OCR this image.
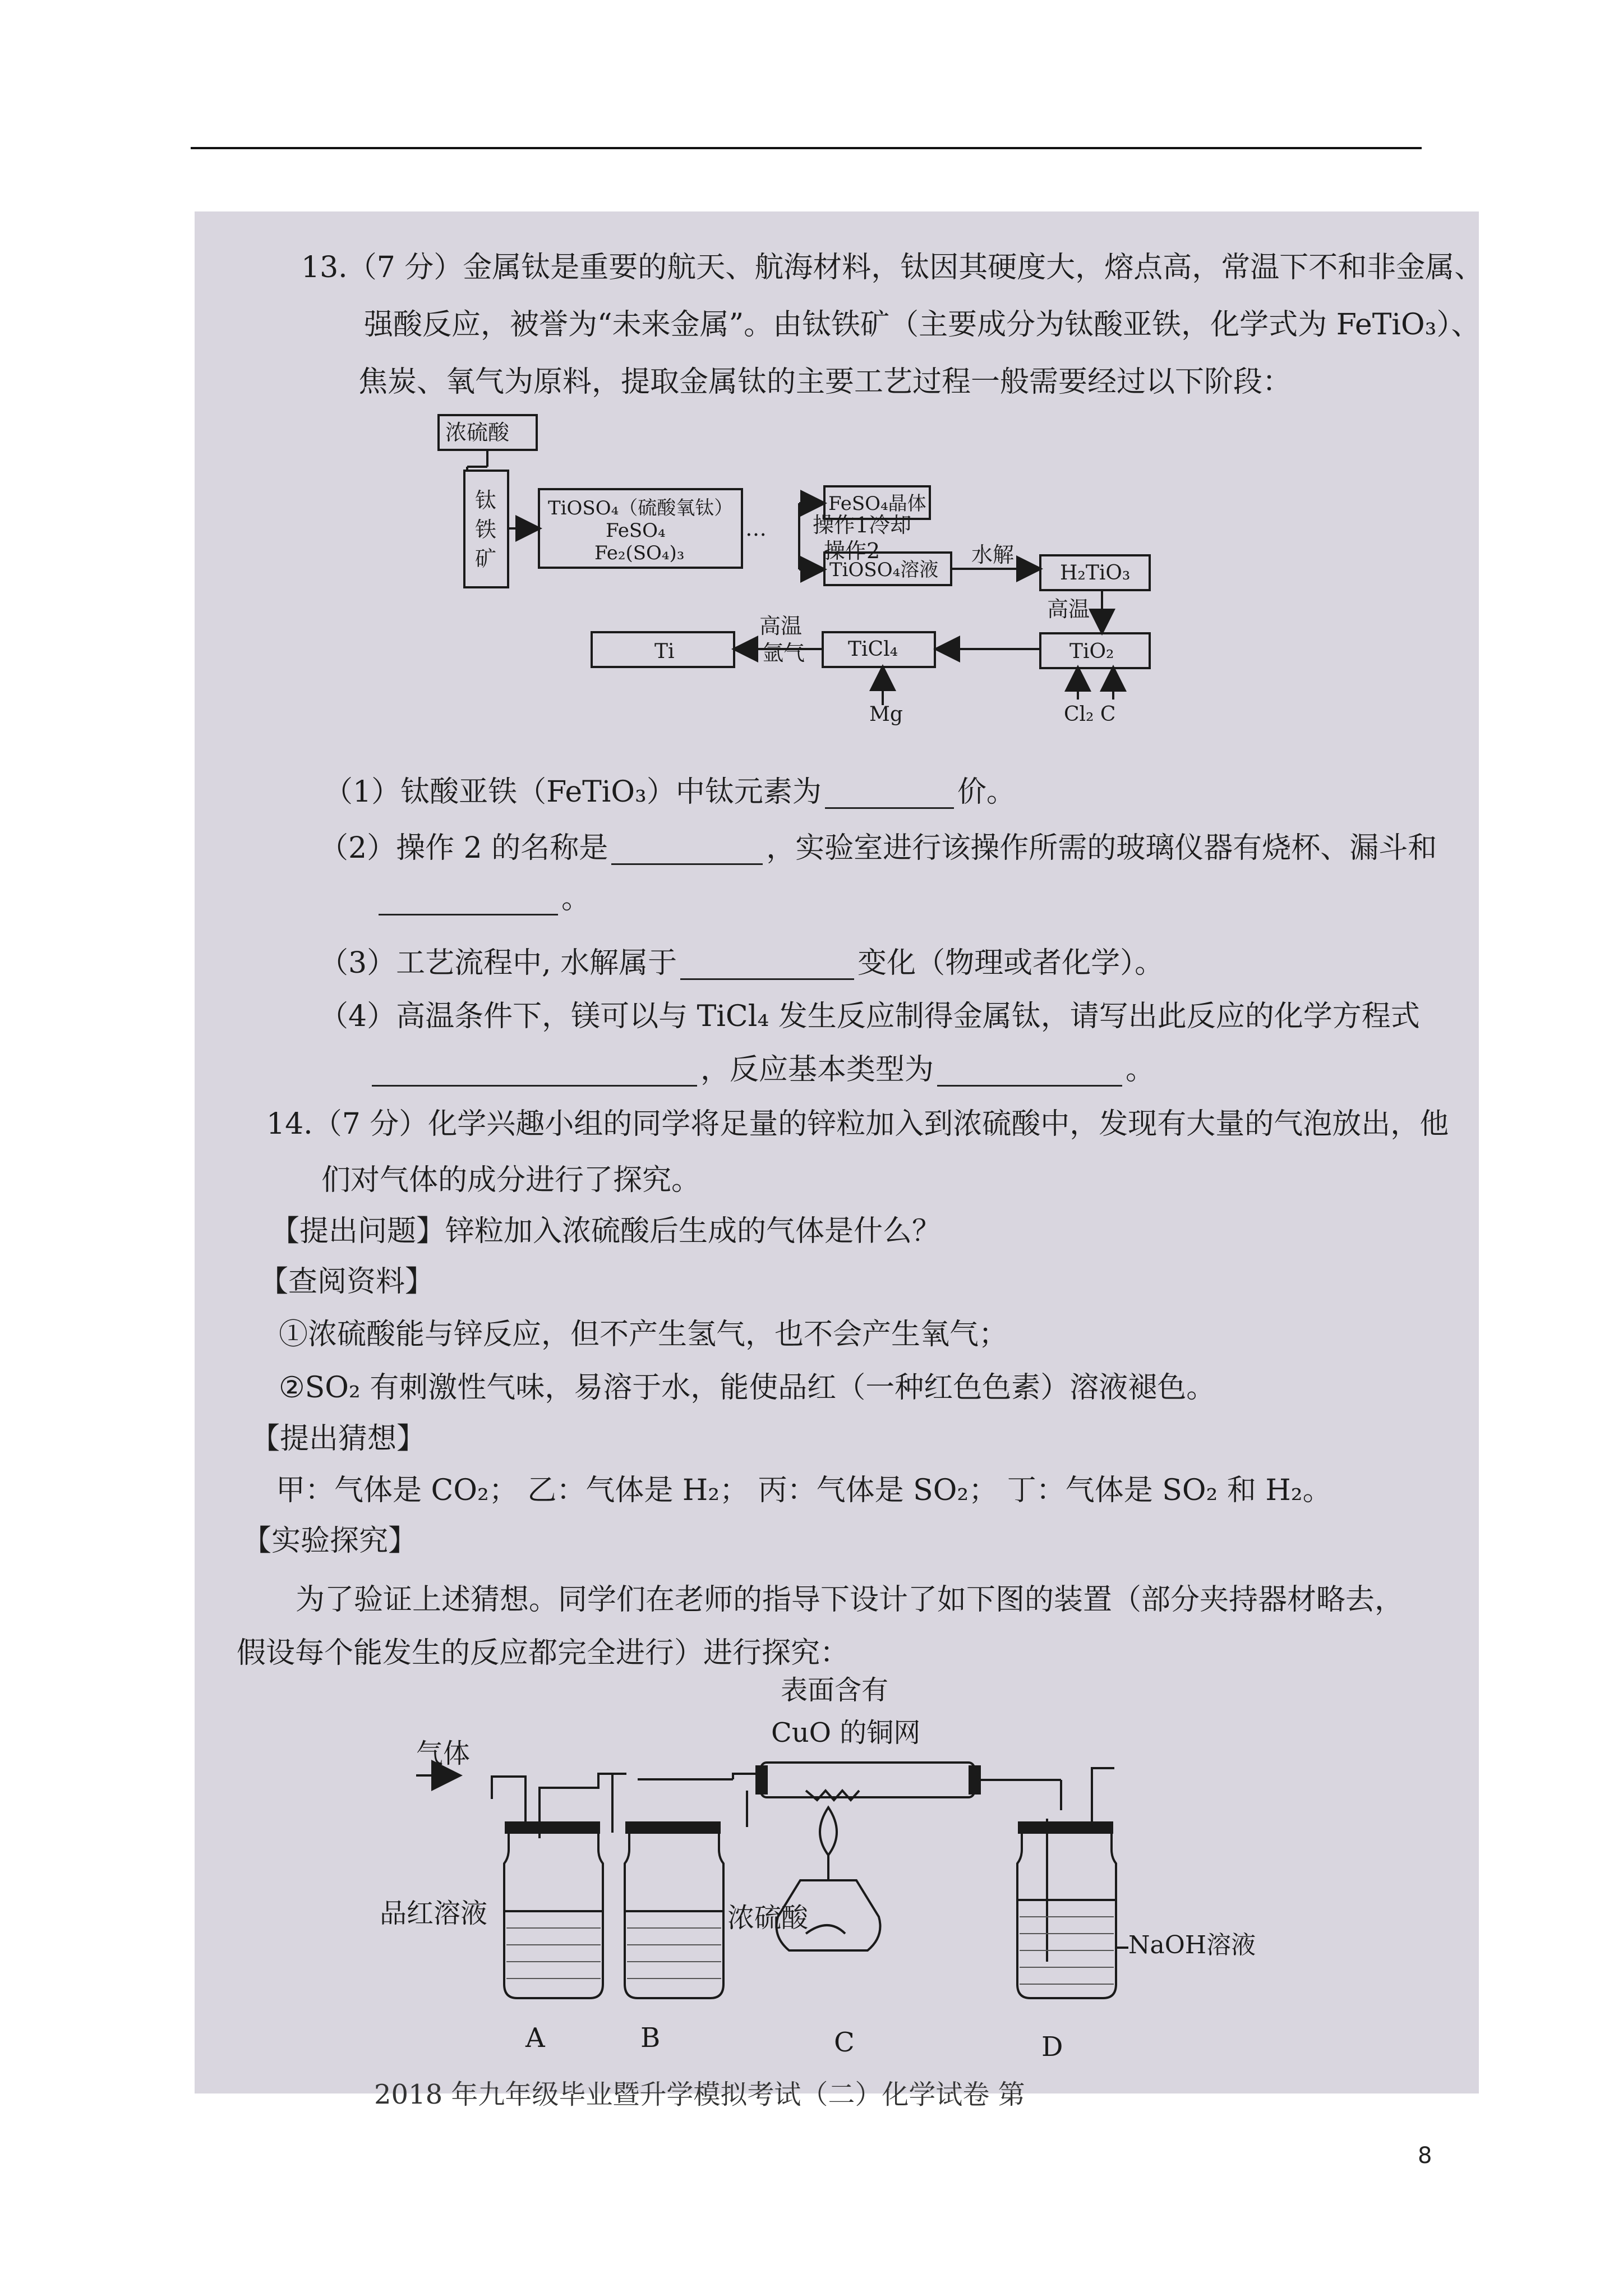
13.（7 分）金属钛是重要的航天、航海材料，钛因其硬度大，熔点高，常温下不和非金属、
强酸反应，被誉为“未来金属”。由钛铁矿（主要成分为钛酸亚铁，化学式为 FeTiO₃）、
焦炭、氧气为原料，提取金属钛的主要工艺过程一般需要经过以下阶段：
浓硫酸
钛
铁
矿
TiOSO₄（硫酸氧钛）
FeSO₄
Fe₂(SO₄)₃
… 操作1冷却
操作2
FeSO₄晶体
TiOSO₄溶液
水解
H₂TiO₃
高温
TiO₂
TiCl₄
高温
氩气
Ti
Mg	Cl₂ C
（1）钛酸亚铁（FeTiO₃）中钛元素为	价。
（2）操作 2 的名称是	，实验室进行该操作所需的玻璃仪器有烧杯、漏斗和
。
（3）工艺流程中, 水解属于	变化（物理或者化学）。
（4）高温条件下，镁可以与 TiCl₄ 发生反应制得金属钛，请写出此反应的化学方程式
，反应基本类型为	。
14.（7 分）化学兴趣小组的同学将足量的锌粒加入到浓硫酸中，发现有大量的气泡放出，他
们对气体的成分进行了探究。
【提出问题】锌粒加入浓硫酸后生成的气体是什么？
【查阅资料】
①浓硫酸能与锌反应，但不产生氢气，也不会产生氧气；
②SO₂ 有刺激性气味，易溶于水，能使品红（一种红色色素）溶液褪色。
【提出猜想】
甲：气体是 CO₂； 乙：气体是 H₂； 丙：气体是 SO₂； 丁：气体是 SO₂ 和 H₂。
【实验探究】
为了验证上述猜想。同学们在老师的指导下设计了如下图的装置（部分夹持器材略去，
假设每个能发生的反应都完全进行）进行探究：
气体
表面含有
CuO 的铜网
品红溶液	浓硫酸
NaOH溶液
A	B	C	D
2018 年九年级毕业暨升学模拟考试（二）化学试卷 第
8
